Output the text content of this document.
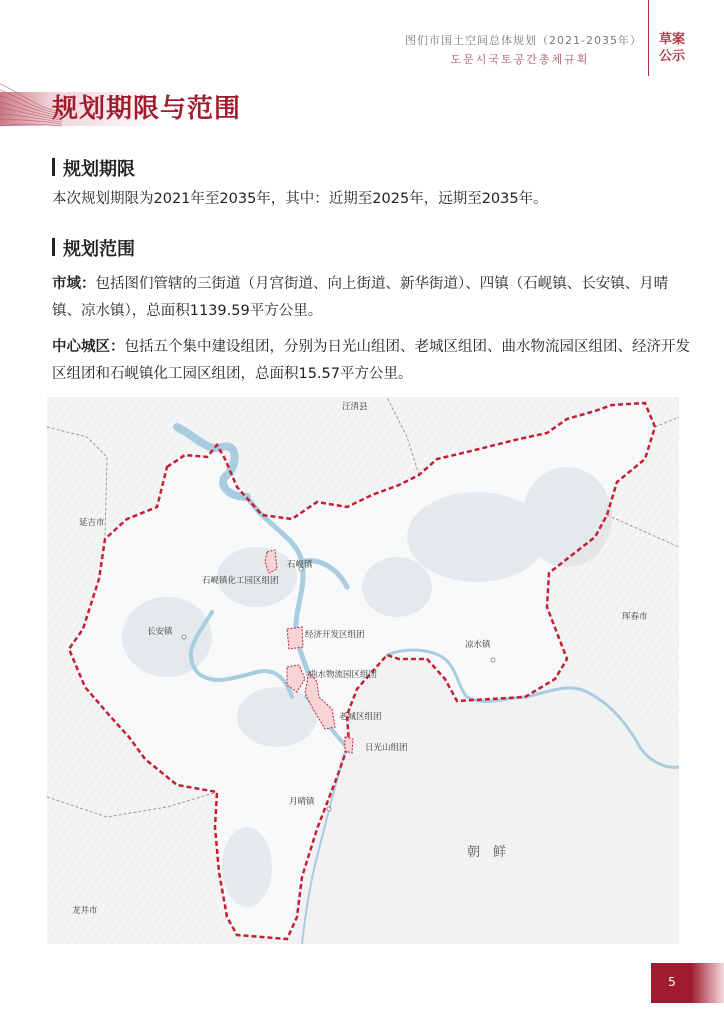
图们市国土空间总体规划（2021-2035年）
도문시국토공간총체규획
草案
公示
规划期限与范围
规划期限
本次规划期限为2021年至2035年，其中：近期至2025年，远期至2035年。
规划范围
市域：包括图们管辖的三街道（月宫街道、向上街道、新华街道）、四镇（石岘镇、长安镇、月晴镇、凉水镇），总面积1139.59平方公里。
中心城区：包括五个集中建设组团，分别为日光山组团、老城区组团、曲水物流园区组团、经济开发区组团和石岘镇化工园区组团，总面积15.57平方公里。
汪清县
延吉市
珲春市
龙井市
石岘镇
石岘镇化工园区组团
长安镇	经济开发区组团
曲水物流园区组团
凉水镇
老城区组团
日光山组团
月晴镇
朝　鲜
5
